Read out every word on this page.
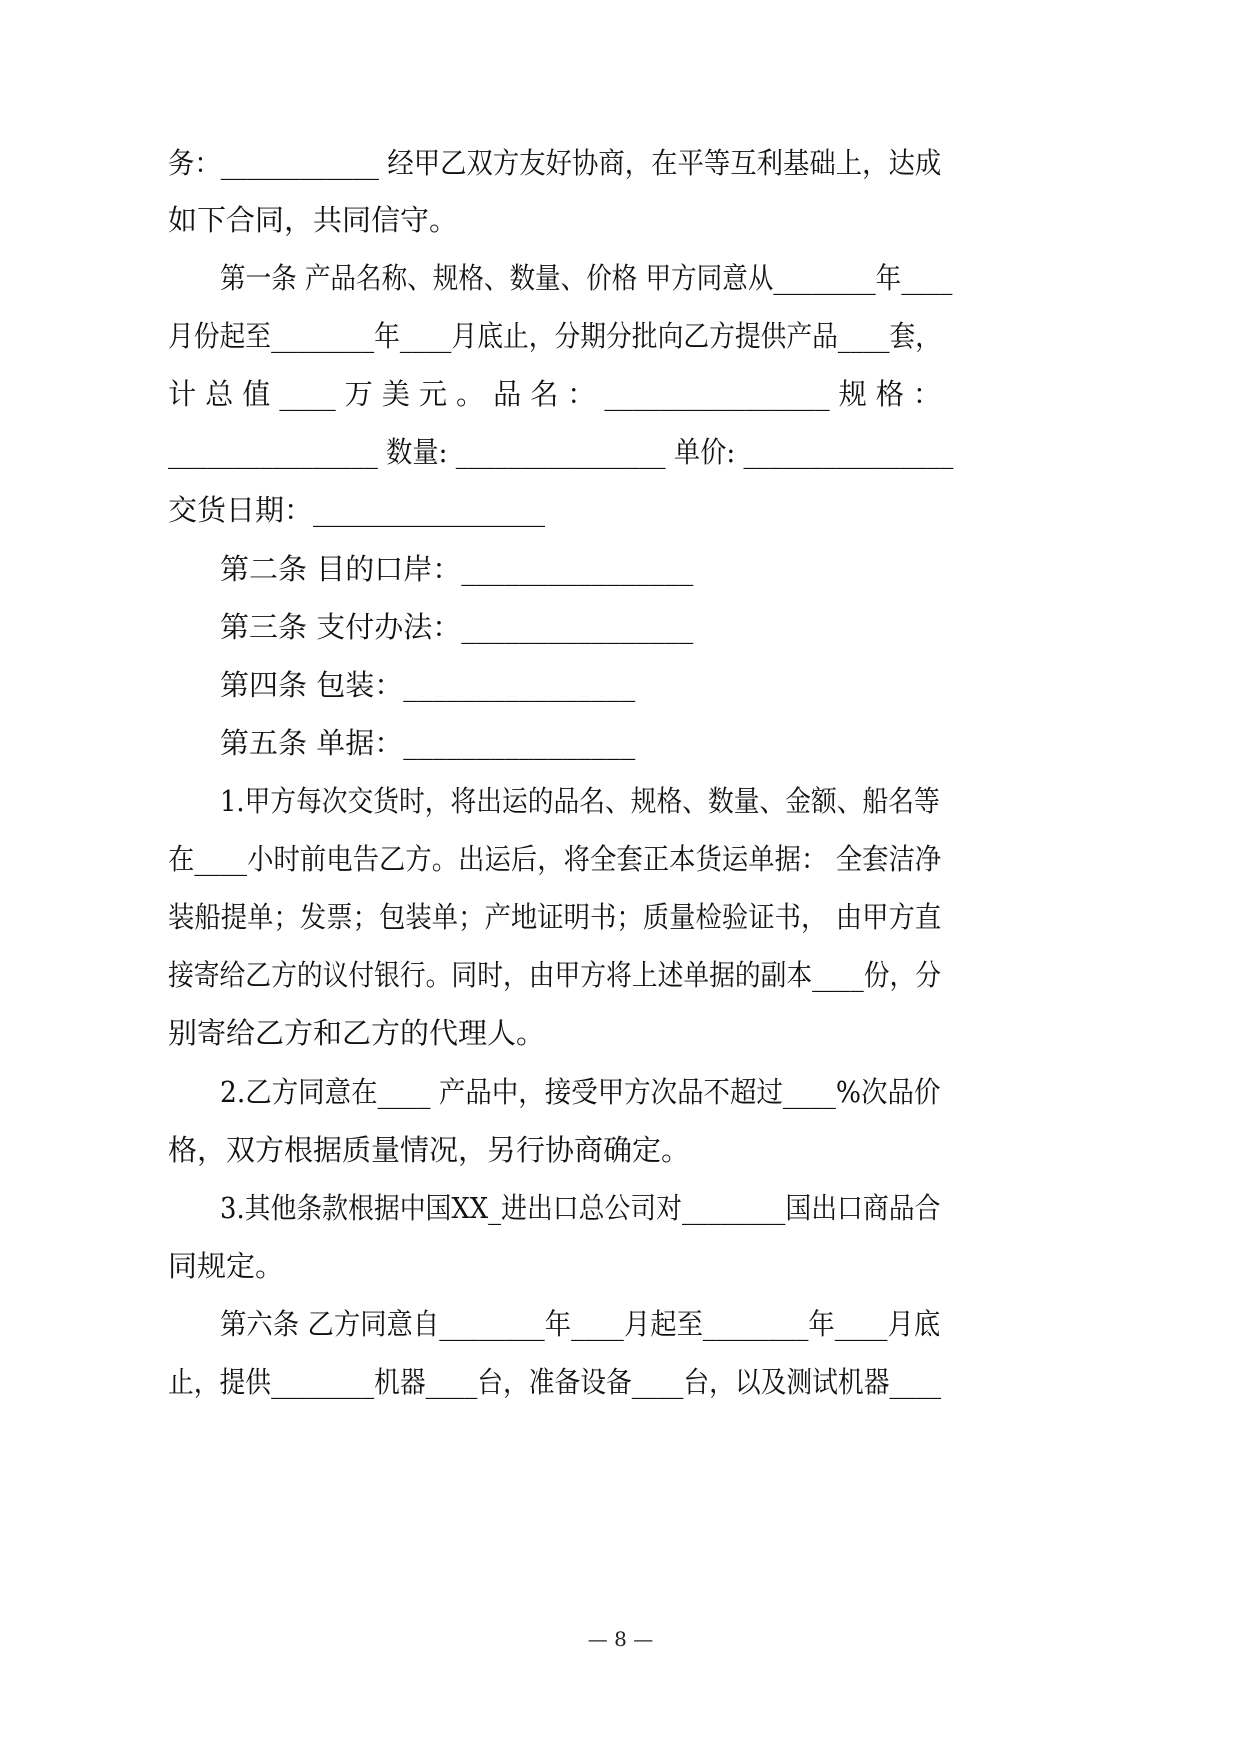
务：____________ 经甲乙双方友好协商，在平等互利基础上，达成
如下合同，共同信守。
第一条 产品名称、规格、数量、价格 甲方同意从________年____
月份起至________年____月底止，分期分批向乙方提供产品____套，
计 总 值 ____ 万 美 元 。 品 名 ： ________________ 规 格 ：
________________ 数量: ________________ 单价: ________________
交货日期：________________
第二条 目的口岸：________________
第三条 支付办法：________________
第四条 包装：________________
第五条 单据：________________
1.甲方每次交货时，将出运的品名、规格、数量、金额、船名等
在____小时前电告乙方。出运后，将全套正本货运单据： 全套洁净
装船提单；发票；包装单；产地证明书；质量检验证书， 由甲方直
接寄给乙方的议付银行。同时，由甲方将上述单据的副本____份，分
别寄给乙方和乙方的代理人。
2.乙方同意在____ 产品中，接受甲方次品不超过____%次品价
格，双方根据质量情况，另行协商确定。
3.其他条款根据中国XX_进出口总公司对________国出口商品合
同规定。
第六条 乙方同意自________年____月起至________年____月底
止，提供________机器____台，准备设备____台，以及测试机器____
— 8 —
